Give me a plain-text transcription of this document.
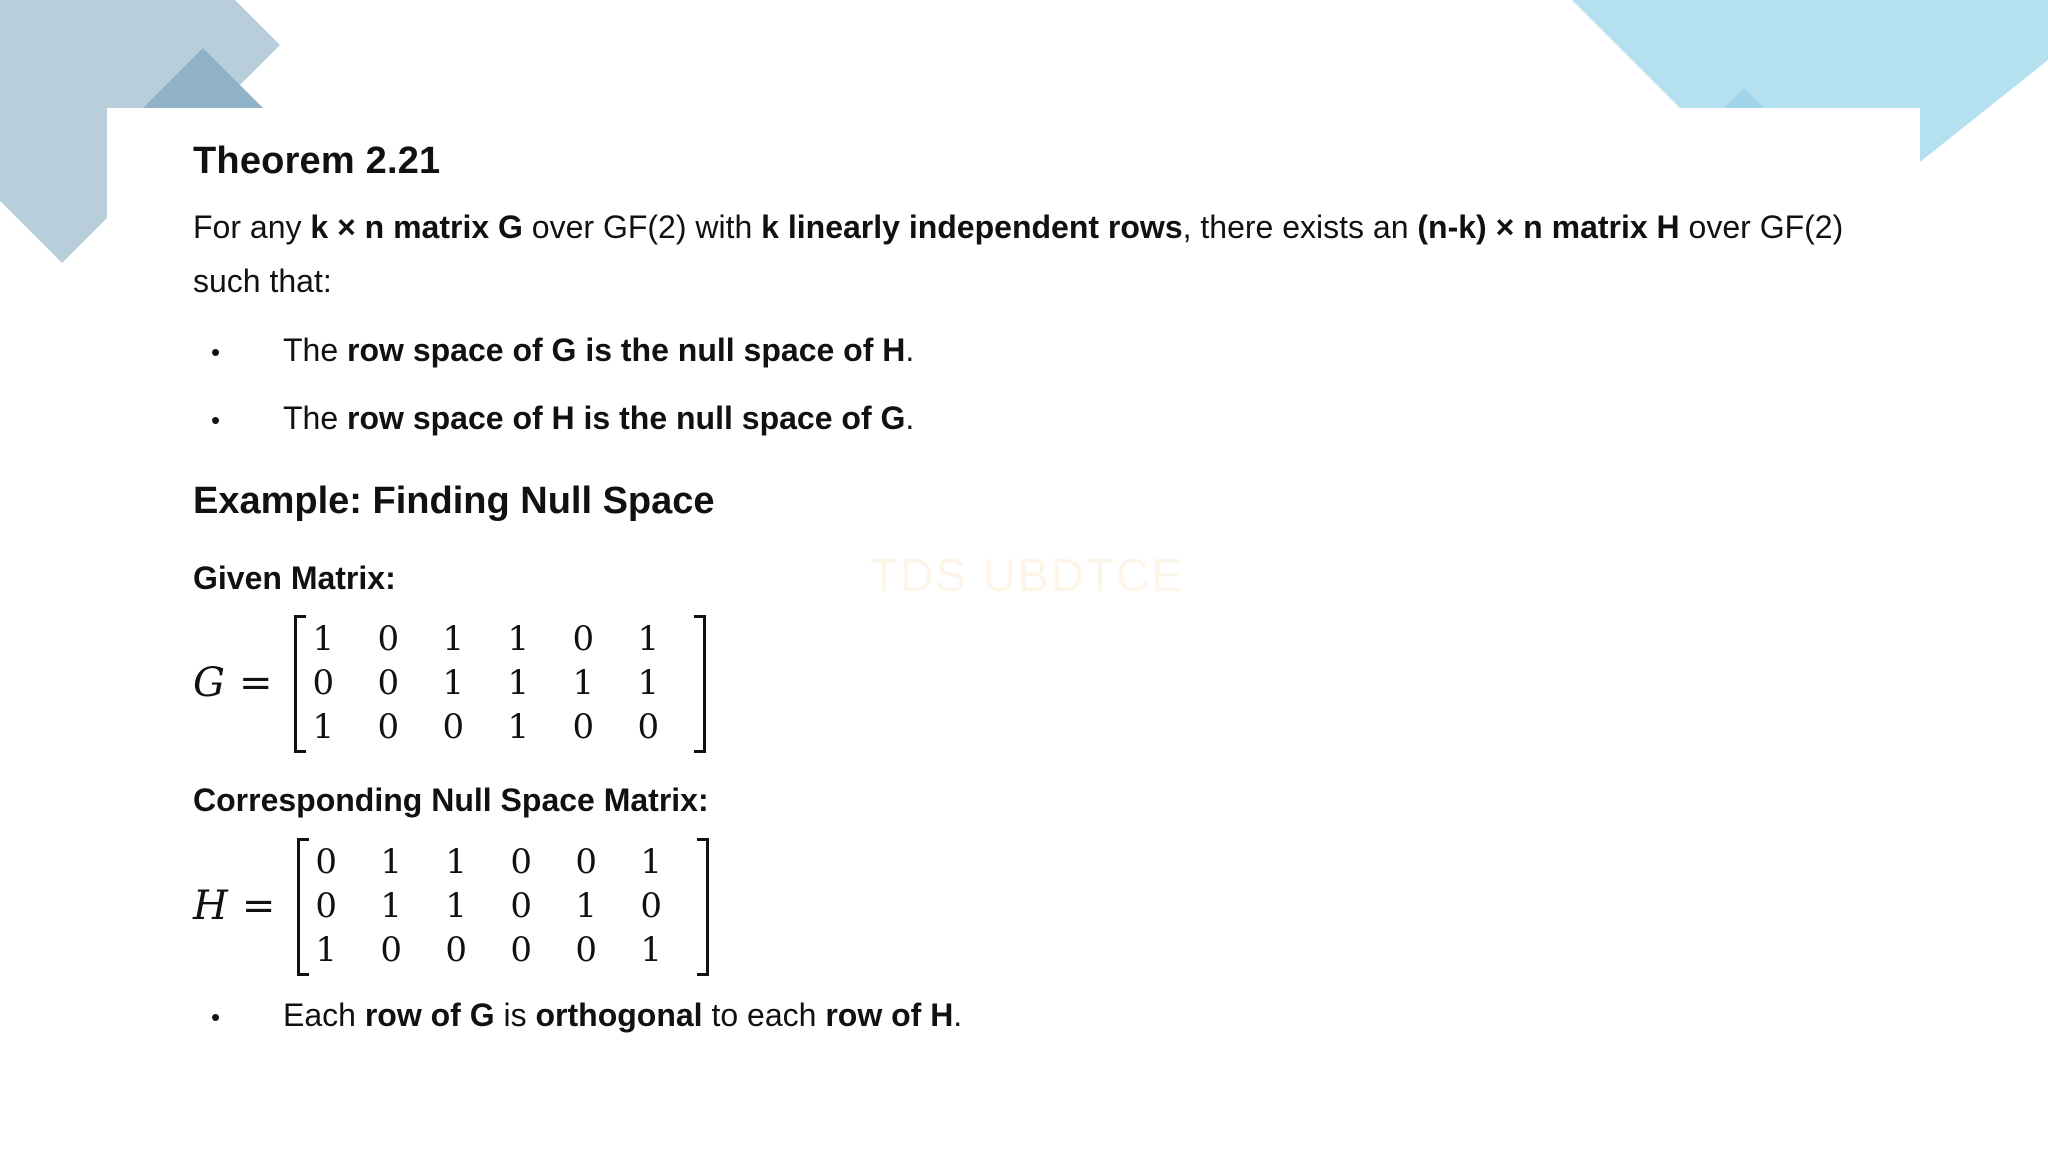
Theorem 2.21

For any k × n matrix G over GF(2) with k linearly independent rows, there exists an (n-k) × n matrix H over GF(2) such that:

• The row space of G is the null space of H.

• The row space of H is the null space of G.

Example: Finding Null Space

Given Matrix:

G =
1	0	1	1	0	1
0	0	1	1	1	1
1	0	0	1	0	0

Corresponding Null Space Matrix:

H =
0	1	1	0	0	1
0	1	1	0	1	0
1	0	0	0	0	1

• Each row of G is orthogonal to each row of H.

TDS UBDTCE
